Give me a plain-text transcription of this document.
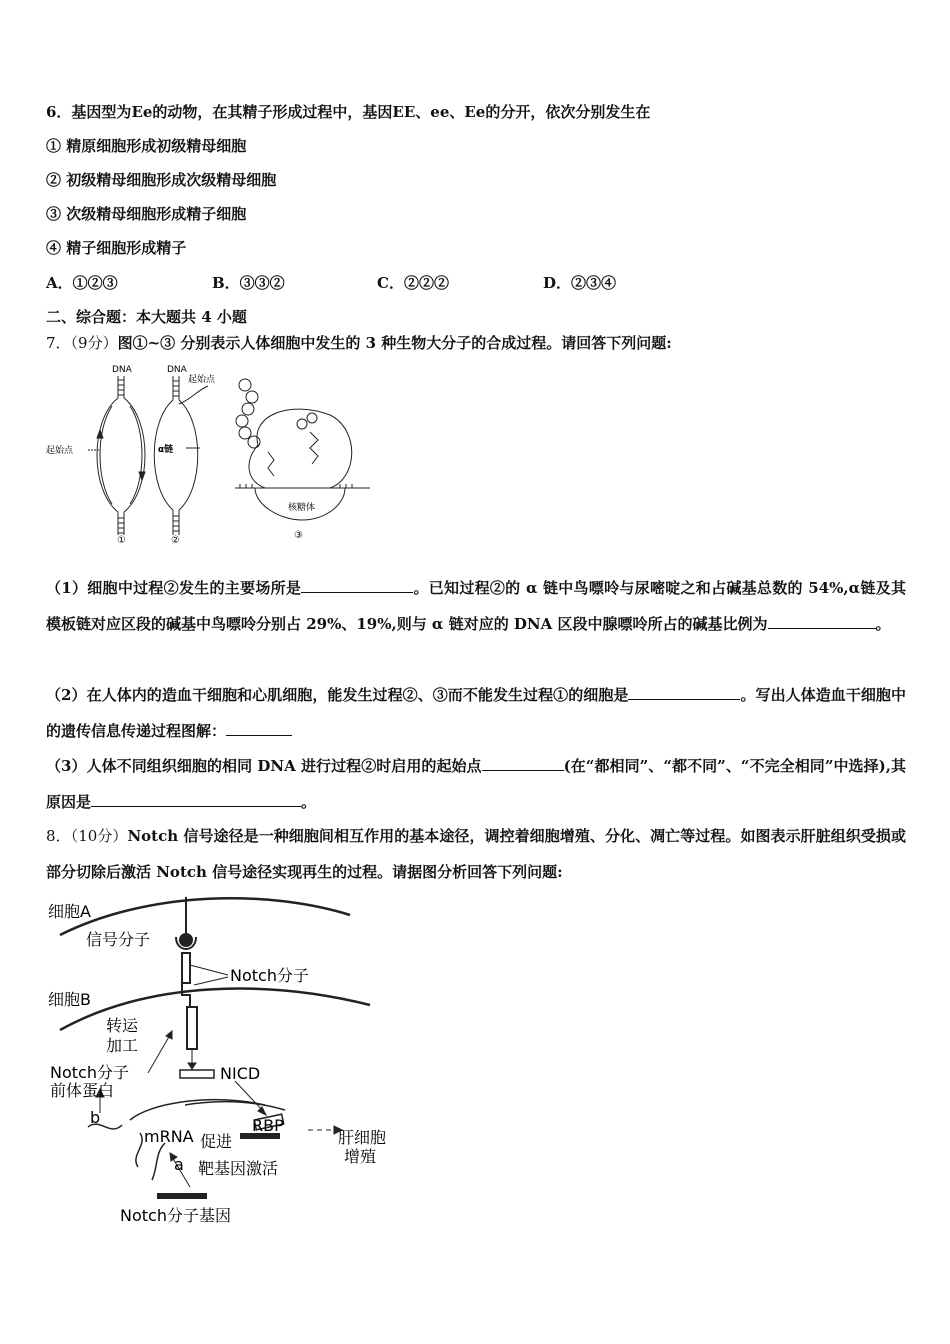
6．基因型为Ee的动物，在其精子形成过程中，基因EE、ee、Ee的分开，依次分别发生在
① 精原细胞形成初级精母细胞
② 初级精母细胞形成次级精母细胞
③ 次级精母细胞形成精子细胞
④ 精子细胞形成精子
A．①②③	B．③③②	C．②②②	D．②③④
二、综合题：本大题共 4 小题
7．（9分）图①~③ 分别表示人体细胞中发生的 3 种生物大分子的合成过程。请回答下列问题:
DNA
起始点
①
DNA
起始点
α链
②
核糖体
③
（1）细胞中过程②发生的主要场所是	。已知过程②的 α 链中鸟嘌呤与尿嘧啶之和占碱基总数的 54%,α链及其模板链对应区段的碱基中鸟嘌呤分别占 29%、19%,则与 α 链对应的 DNA 区段中腺嘌呤所占的碱基比例为	。
（2）在人体内的造血干细胞和心肌细胞，能发生过程②、③而不能发生过程①的细胞是	。写出人体造血干细胞中的遗传信息传递过程图解：
（3）人体不同组织细胞的相同 DNA 进行过程②时启用的起始点	(在“都相同”、“都不同”、“不完全相同”中选择),其原因是	。
8．（10分）Notch 信号途径是一种细胞间相互作用的基本途径，调控着细胞增殖、分化、凋亡等过程。如图表示肝脏组织受损或部分切除后激活 Notch 信号途径实现再生的过程。请据图分析回答下列问题:
细胞A
信号分子
Notch分子
细胞B
转运
加工
NICD
Notch分子
前体蛋白
b
mRNA 促进
RBP
肝细胞
增殖
a 靶基因激活
Notch分子基因
